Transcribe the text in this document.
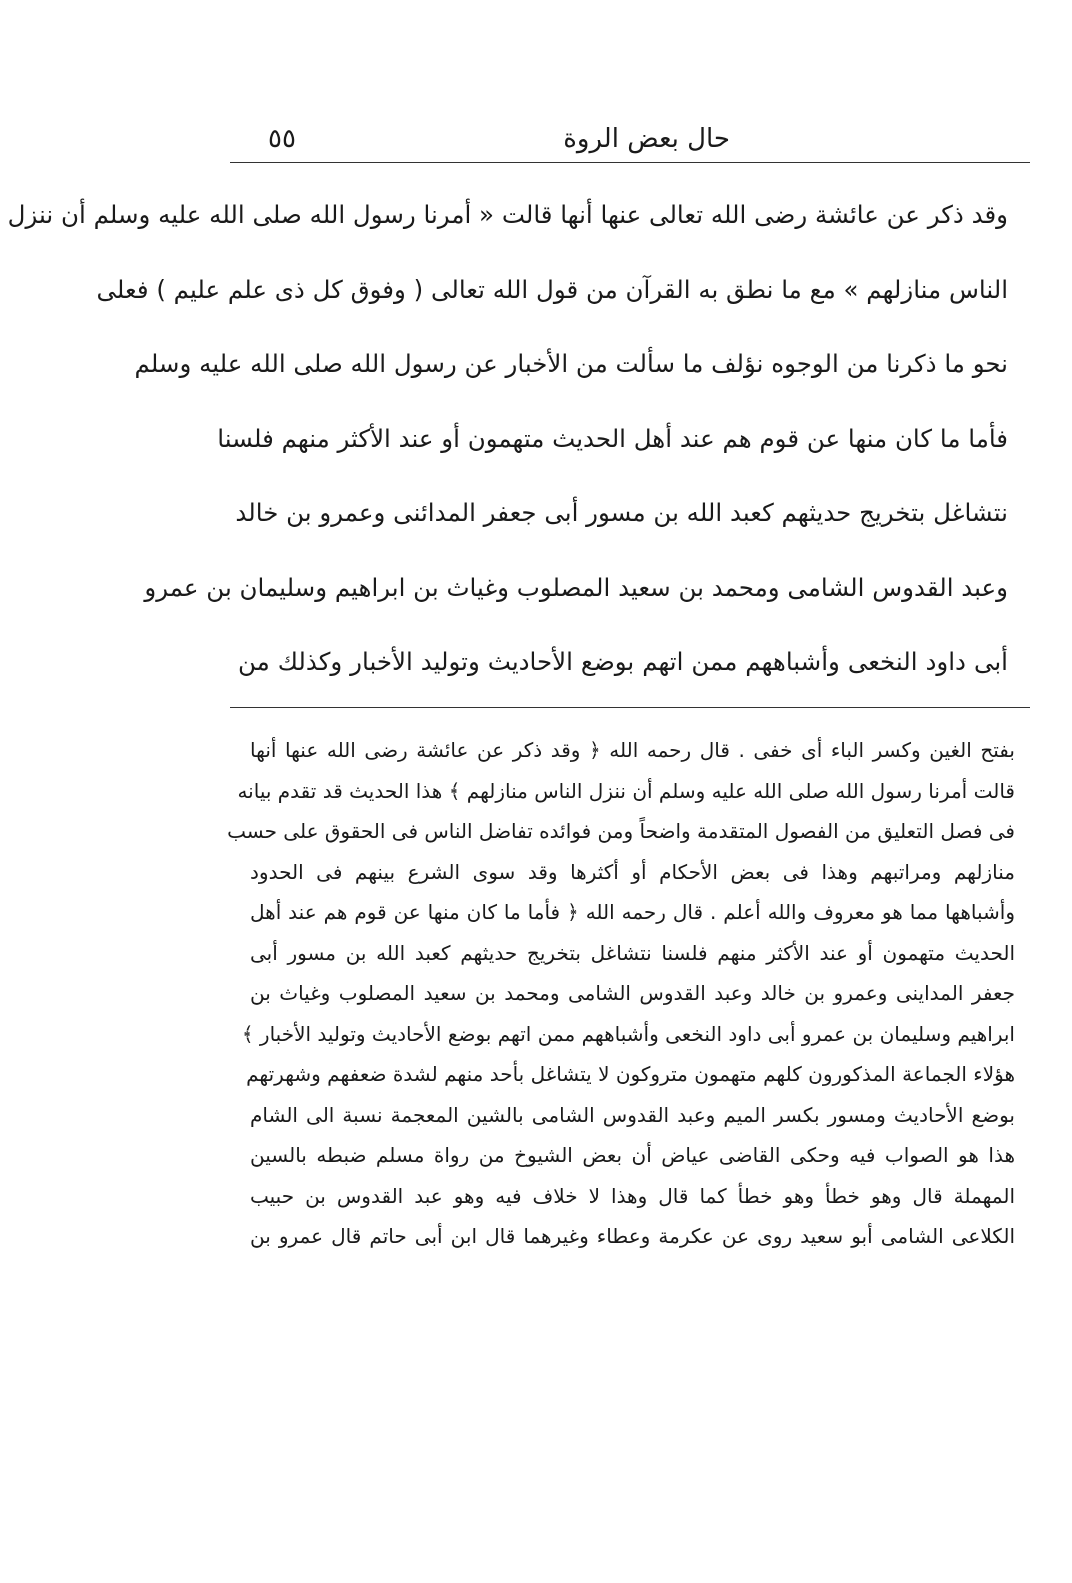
حال بعض الروة
٥٥

وقد ذكر عن عائشة رضى الله تعالى عنها أنها قالت « أمرنا رسول الله صلى الله عليه وسلم أن ننزل

الناس منازلهم » مع ما نطق به القرآن من قول الله تعالى ( وفوق كل ذى علم عليم ) فعلى

نحو ما ذكرنا من الوجوه نؤلف ما سألت من الأخبار عن رسول الله صلى الله عليه وسلم

فأما ما كان منها عن قوم هم عند أهل الحديث متهمون أو عند الأكثر منهم فلسنا

نتشاغل بتخريج حديثهم كعبد الله بن مسور أبى جعفر المدائنى وعمرو بن خالد

وعبد القدوس الشامى ومحمد بن سعيد المصلوب وغياث بن ابراهيم وسليمان بن عمرو

أبى داود النخعى وأشباههم ممن اتهم بوضع الأحاديث وتوليد الأخبار وكذلك من

بفتح الغين وكسر الباء أى خفى . قال رحمه الله ﴿ وقد ذكر عن عائشة رضى الله عنها أنها

قالت أمرنا رسول الله صلى الله عليه وسلم أن ننزل الناس منازلهم ﴾ هذا الحديث قد تقدم بيانه

فى فصل التعليق من الفصول المتقدمة واضحاً ومن فوائده تفاضل الناس فى الحقوق على حسب

منازلهم ومراتبهم وهذا فى بعض الأحكام أو أكثرها وقد سوى الشرع بينهم فى الحدود

وأشباهها مما هو معروف والله أعلم . قال رحمه الله ﴿ فأما ما كان منها عن قوم هم عند أهل

الحديث متهمون أو عند الأكثر منهم فلسنا نتشاغل بتخريج حديثهم كعبد الله بن مسور أبى

جعفر المداينى وعمرو بن خالد وعبد القدوس الشامى ومحمد بن سعيد المصلوب وغياث بن

ابراهيم وسليمان بن عمرو أبى داود النخعى وأشباههم ممن اتهم بوضع الأحاديث وتوليد الأخبار ﴾

هؤلاء الجماعة المذكورون كلهم متهمون متروكون لا يتشاغل بأحد منهم لشدة ضعفهم وشهرتهم

بوضع الأحاديث ومسور بكسر الميم وعبد القدوس الشامى بالشين المعجمة نسبة الى الشام

هذا هو الصواب فيه وحكى القاضى عياض أن بعض الشيوخ من رواة مسلم ضبطه بالسين

المهملة قال وهو خطأ وهو خطأ كما قال وهذا لا خلاف فيه وهو عبد القدوس بن حبيب

الكلاعى الشامى أبو سعيد روى عن عكرمة وعطاء وغيرهما قال ابن أبى حاتم قال عمرو بن
